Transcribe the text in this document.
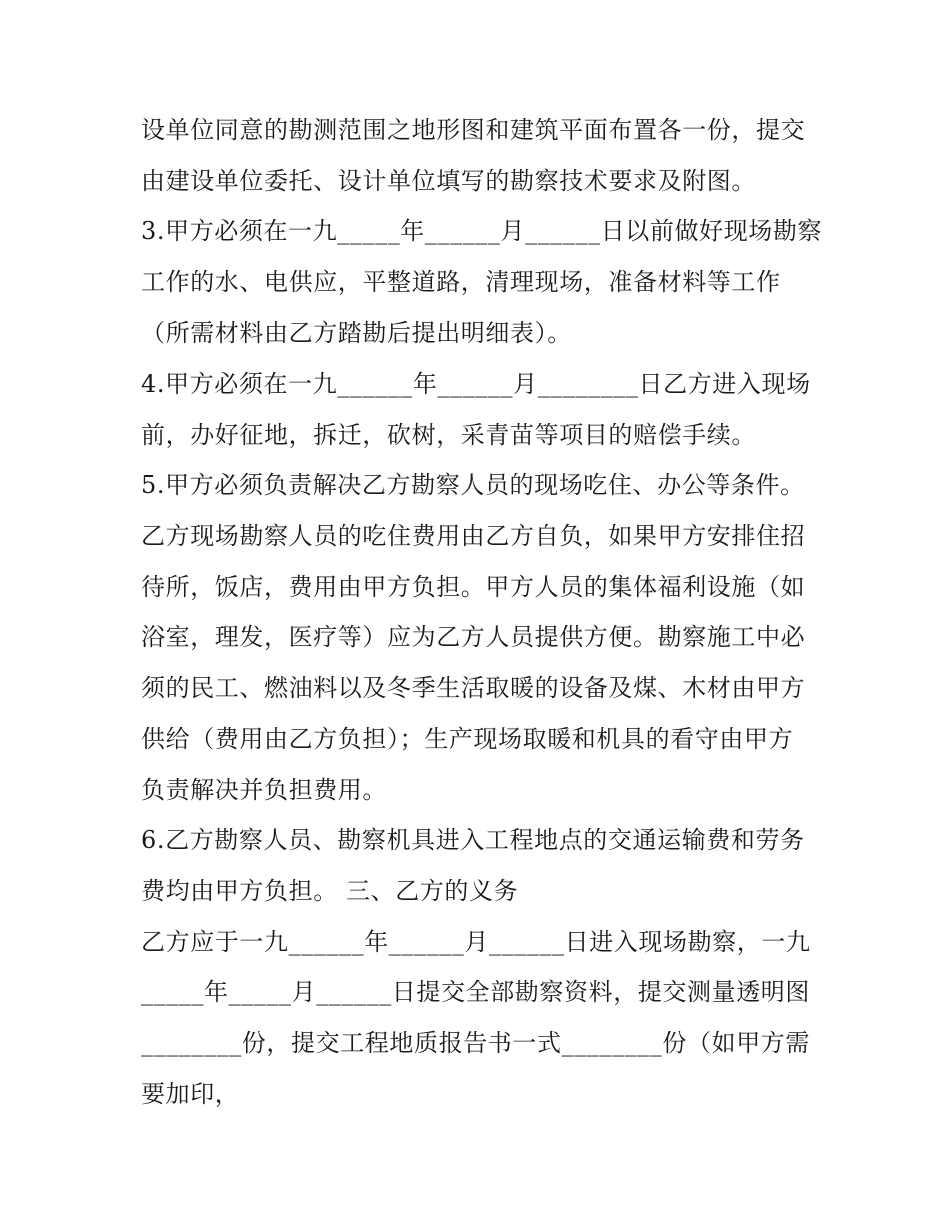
设单位同意的勘测范围之地形图和建筑平面布置各一份，提交
由建设单位委托、设计单位填写的勘察技术要求及附图。
3.甲方必须在一九_____年______月______日以前做好现场勘察
工作的水、电供应，平整道路，清理现场，准备材料等工作
（所需材料由乙方踏勘后提出明细表）。
4.甲方必须在一九______年______月________日乙方进入现场
前，办好征地，拆迁，砍树，采青苗等项目的赔偿手续。
5.甲方必须负责解决乙方勘察人员的现场吃住、办公等条件。
乙方现场勘察人员的吃住费用由乙方自负，如果甲方安排住招
待所，饭店，费用由甲方负担。甲方人员的集体福利设施（如
浴室，理发，医疗等）应为乙方人员提供方便。勘察施工中必
须的民工、燃油料以及冬季生活取暖的设备及煤、木材由甲方
供给（费用由乙方负担）；生产现场取暖和机具的看守由甲方
负责解决并负担费用。
6.乙方勘察人员、勘察机具进入工程地点的交通运输费和劳务
费均由甲方负担。 三、乙方的义务
乙方应于一九______年______月______日进入现场勘察，一九
_____年_____月______日提交全部勘察资料，提交测量透明图
________份，提交工程地质报告书一式________份（如甲方需
要加印，
